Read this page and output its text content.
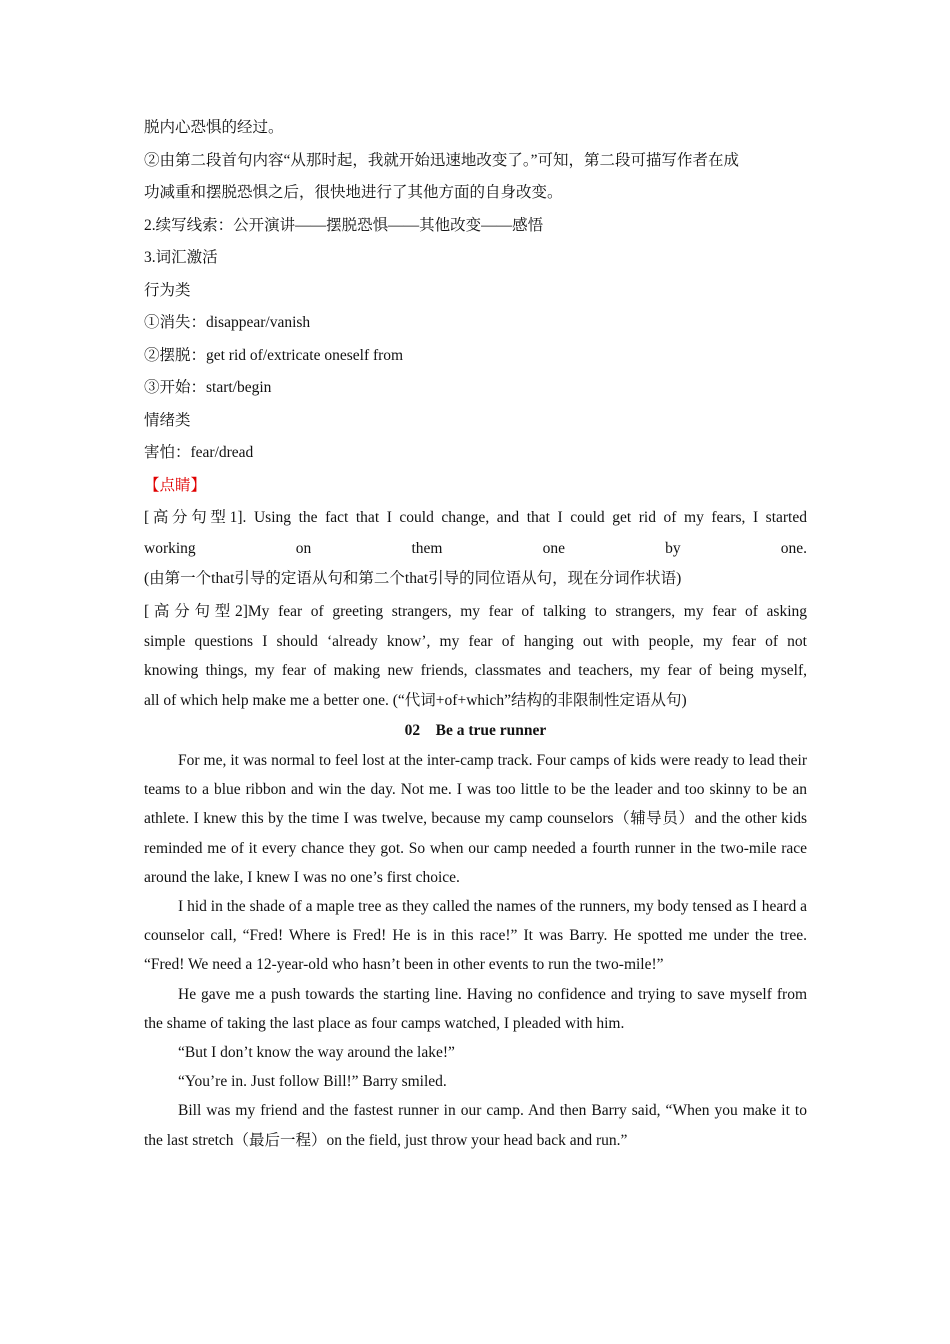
脱内心恐惧的经过。
②由第二段首句内容“从那时起，我就开始迅速地改变了。”可知，第二段可描写作者在成
功减重和摆脱恐惧之后，很快地进行了其他方面的自身改变。
2.续写线索：公开演讲——摆脱恐惧——其他改变——感悟
3.词汇激活
行为类
①消失：disappear/vanish
②摆脱：get rid of/extricate oneself from
③开始：start/begin
情绪类
害怕：fear/dread
【点睛】
[高分句型1]. Using the fact that I could change, and that I could get rid of my fears, I started
working on them one by one.
(由第一个that引导的定语从句和第二个that引导的同位语从句，现在分词作状语)
[高分句型2]My fear of greeting strangers, my fear of talking to strangers, my fear of asking
simple questions I should ‘already know’, my fear of hanging out with people, my fear of not
knowing things, my fear of making new friends, classmates and teachers, my fear of being myself,
all of which help make me a better one. (“代词+of+which”结构的非限制性定语从句)
02    Be a true runner

For me, it was normal to feel lost at the inter-camp track. Four camps of kids were ready to lead their teams to a blue ribbon and win the day. Not me. I was too little to be the leader and too skinny to be an athlete. I knew this by the time I was twelve, because my camp counselors（辅导员）and the other kids reminded me of it every chance they got. So when our camp needed a fourth runner in the two-mile race around the lake, I knew I was no one’s first choice.

I hid in the shade of a maple tree as they called the names of the runners, my body tensed as I heard a counselor call, “Fred! Where is Fred! He is in this race!” It was Barry. He spotted me under the tree. “Fred! We need a 12-year-old who hasn’t been in other events to run the two-mile!”

He gave me a push towards the starting line. Having no confidence and trying to save myself from the shame of taking the last place as four camps watched, I pleaded with him.

“But I don’t know the way around the lake!”

“You’re in. Just follow Bill!” Barry smiled.

Bill was my friend and the fastest runner in our camp. And then Barry said, “When you make it to the last stretch（最后一程）on the field, just throw your head back and run.”
